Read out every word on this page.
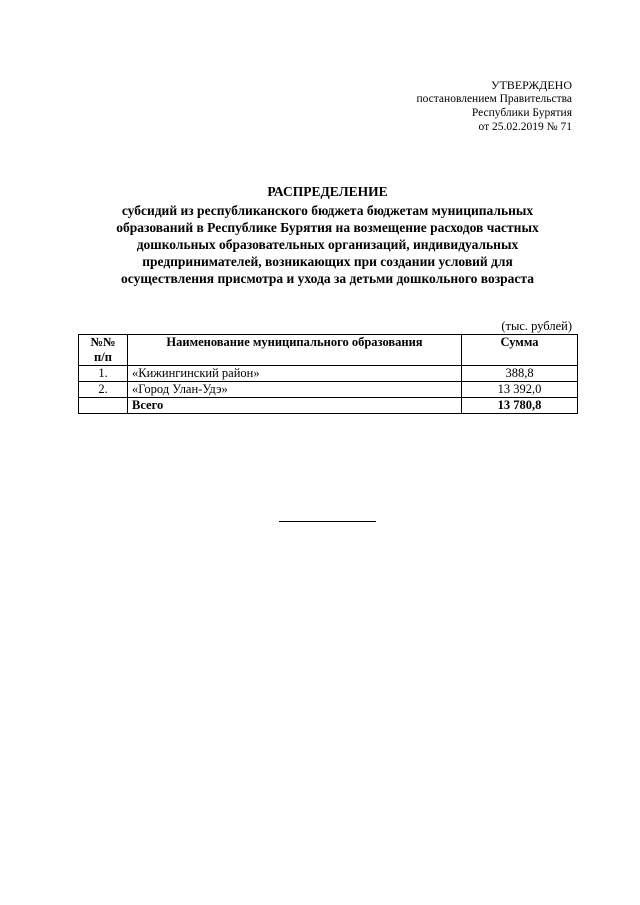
УТВЕРЖДЕНО
постановлением Правительства
Республики Бурятия
от 25.02.2019 № 71
РАСПРЕДЕЛЕНИЕ
субсидий из республиканского бюджета бюджетам муниципальных
образований в Республике Бурятия на возмещение расходов частных
дошкольных образовательных организаций, индивидуальных
предпринимателей, возникающих при создании условий для
осуществления присмотра и ухода за детьми дошкольного возраста
(тыс. рублей)
№№
п/п	Наименование муниципального образования	Сумма
1.	«Кижингинский район»	388,8
2.	«Город Улан-Удэ»	13 392,0
	Всего	13 780,8
